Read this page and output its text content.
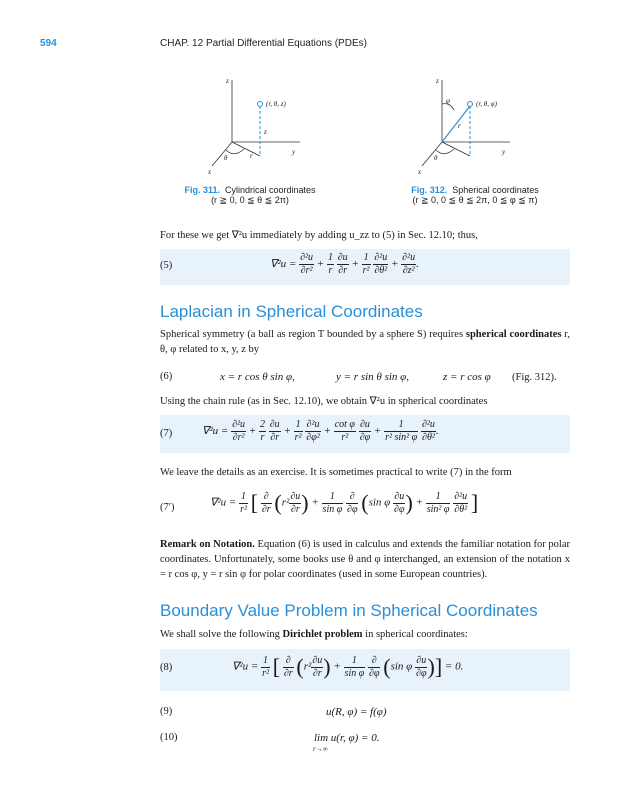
594	CHAP. 12 Partial Differential Equations (PDEs)
z
y
x
(r, θ, z)
z
θ	r
Fig. 311. Cylindrical coordinates
(r ≧ 0, 0 ≦ θ ≦ 2π)
z
y
x
(r, θ, φ)
φ
r
θ
Fig. 312. Spherical coordinates
(r ≧ 0, 0 ≦ θ ≦ 2π, 0 ≦ φ ≦ π)
For these we get ∇²u immediately by adding u_zz to (5) in Sec. 12.10; thus,
(5)	$\nabla^2u = \frac{\text{∂²u}}{\text{∂r²}} + \frac{1}{r}$
$\frac{\partial u}{\partial r} + \frac{1}{\text{r²}}$
$\frac{\text{∂²u}}{\text{∂θ²}} + \frac{\text{∂²u}}{\text{∂z²}}$ .
Laplacian in Spherical Coordinates
Spherical symmetry (a ball as region T bounded by a sphere S) requires spherical coordinates r, θ, φ related to x, y, z by
(6)	x = r cos θ sin φ,	y = r sin θ sin φ,	z = r cos φ (Fig. 312).
Using the chain rule (as in Sec. 12.10), we obtain ∇²u in spherical coordinates
(7)	$\nabla^2u = \frac{\text{∂²u}}{\text{∂r²}} + \frac{2}{r}$
$\frac{\partial u}{\partial r} + \frac{1}{\text{r²}}$
$\frac{\text{∂²u}}{\text{∂φ²}} + \frac{\text{cot φ}}{\text{r²}}$
$\frac{\partial u}{\partial\varphi} + \frac{1}{\text{r² sin² φ}}$
$\frac{\text{∂²u}}{\text{∂θ²}}$ .
We leave the details as an exercise. It is sometimes practical to write (7) in the form
(7′)	$\nabla^2u = \frac{1}{\text{r²}}$ [ $\frac{\partial}{\partial r} (r^2 \frac{\partial u}{\partial r}$ ) + $\frac{1}{\text{sin φ}}$
$\frac{\partial}{\partial\varphi} (\sin$ φ $\frac{\partial u}{\partial\varphi}$ ) + $\frac{1}{\text{sin² φ}}$
$\frac{\text{∂²u}}{\text{∂θ²}}$ ]
Remark on Notation. Equation (6) is used in calculus and extends the familiar notation for polar coordinates. Unfortunately, some books use θ and φ interchanged, an extension of the notation x = r cos φ, y = r sin φ for polar coordinates (used in some European countries).
Boundary Value Problem in Spherical Coordinates
We shall solve the following Dirichlet problem in spherical coordinates:
(8)	$\nabla^2u = \frac{1}{\text{r²}}$ [ $\frac{\partial}{\partial r} (r^2 \frac{\partial u}{\partial r}$ ) + $\frac{1}{\text{sin φ}}$
$\frac{\partial}{\partial\varphi} (\sin$ φ $\frac{\partial u}{\partial\varphi}$ )] = 0.
(9)	u(R, φ) = f(φ)
(10)	lim u(r, φ) = 0.
r→∞
